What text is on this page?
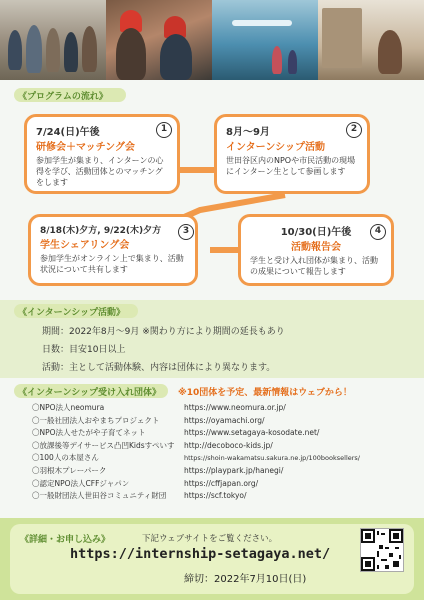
《プログラムの流れ》
7/24(日)午後
研修会＋マッチング会
参加学生が集まり、インターンの心得を学び、活動団体とのマッチングをします
1	8月～9月
インターンシップ活動
世田谷区内のNPOや市民活動の現場にインターン生として参画します
2
8/18(木)夕方, 9/22(木)夕方
学生シェアリング会
参加学生がオンライン上で集まり、活動状況について共有します
3	10/30(日)午後
活動報告会
学生と受け入れ団体が集まり、活動の成果について報告します
4
《インターンシップ活動》
期間：2022年8月～9月 ※関わり方により期間の延長もあり
日数：目安10日以上
活動：主として活動体験、内容は団体により異なります。
《インターンシップ受け入れ団体》 ※10団体を予定、最新情報はウェブから！
〇NPO法人neomura	https://www.neomura.or.jp/
〇一般社団法人おやまちプロジェクト	https://oyamachi.org/
〇NPO法人せたがや子育てネット	https://www.setagaya-kosodate.net/
〇放課後等デイサービス凸凹Kidsすぺいす	http://decoboco-kids.jp/
〇100人の本屋さん	https://shoin-wakamatsu.sakura.ne.jp/100booksellers/
〇羽根木プレーパーク	https://playpark.jp/hanegi/
〇認定NPO法人CFFジャパン	https://cffjapan.org/
〇一般財団法人世田谷コミュニティ財団	https://scf.tokyo/
《詳細・お申し込み》	下記ウェブサイトをご覧ください。
https://internship-setagaya.net/
締切：2022年7月10日(日)
